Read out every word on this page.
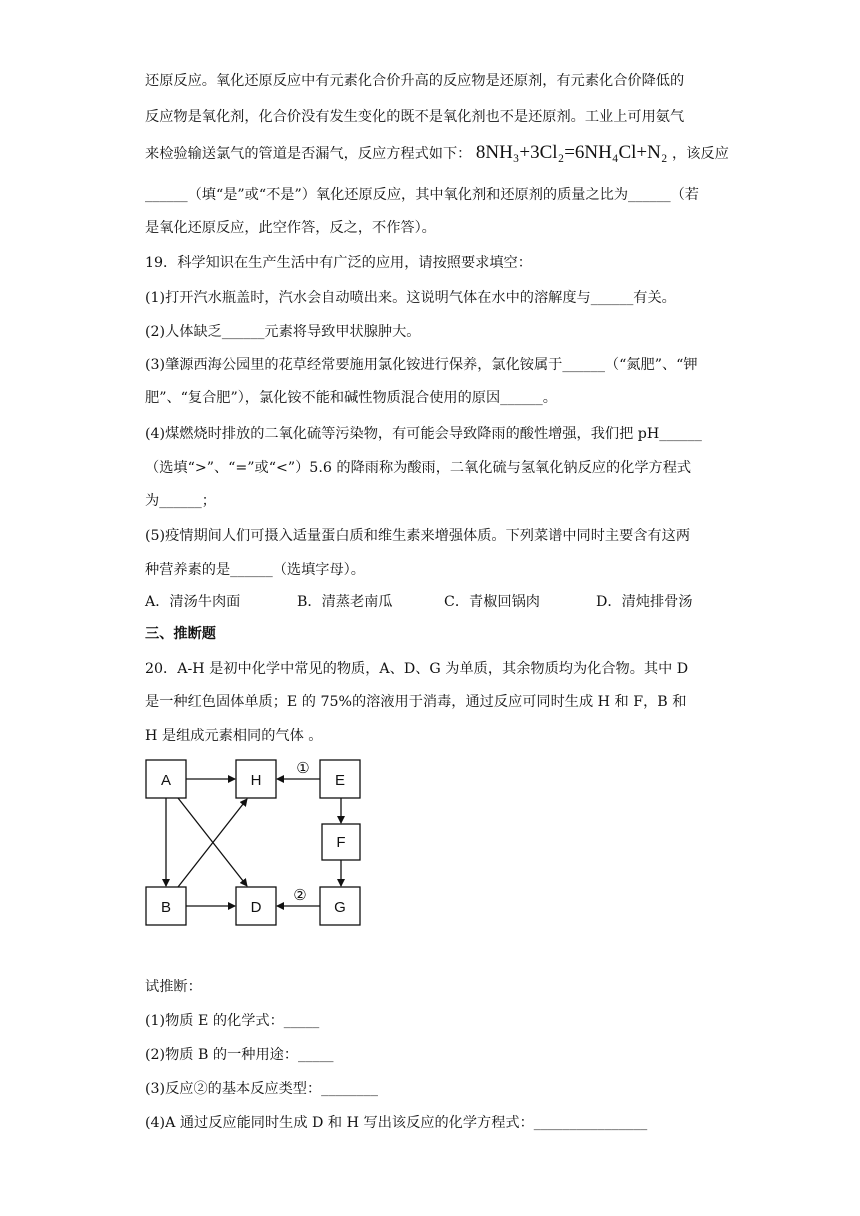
还原反应。氧化还原反应中有元素化合价升高的反应物是还原剂，有元素化合价降低的
反应物是氧化剂，化合价没有发生变化的既不是氧化剂也不是还原剂。工业上可用氨气
来检验输送氯气的管道是否漏气，反应方程式如下： 8NH₃+3Cl₂=6NH₄Cl+N₂ ，该反应
______（填“是”或“不是”）氧化还原反应，其中氧化剂和还原剂的质量之比为______（若
是氧化还原反应，此空作答，反之，不作答）。
19．科学知识在生产生活中有广泛的应用，请按照要求填空：
(1)打开汽水瓶盖时，汽水会自动喷出来。这说明气体在水中的溶解度与______有关。
(2)人体缺乏______元素将导致甲状腺肿大。
(3)肇源西海公园里的花草经常要施用氯化铵进行保养，氯化铵属于______（“氮肥”、“钾
肥”、“复合肥”），氯化铵不能和碱性物质混合使用的原因______。
(4)煤燃烧时排放的二氧化硫等污染物，有可能会导致降雨的酸性增强，我们把 pH______
（选填“>”、“=”或“<”）5.6 的降雨称为酸雨，二氧化硫与氢氧化钠反应的化学方程式
为______；
(5)疫情期间人们可摄入适量蛋白质和维生素来增强体质。下列菜谱中同时主要含有这两
种营养素的是______（选填字母）。
A．清汤牛肉面	B．清蒸老南瓜	C．青椒回锅肉	D．清炖排骨汤
三、推断题
20．A-H 是初中化学中常见的物质，A、D、G 为单质，其余物质均为化合物。其中 D
是一种红色固体单质；E 的 75%的溶液用于消毒，通过反应可同时生成 H 和 F，B 和
H 是组成元素相同的气体 。
A	H	E
F
B	D	G
①
②
试推断：
(1)物质 E 的化学式：_____
(2)物质 B 的一种用途：_____
(3)反应②的基本反应类型：________
(4)A 通过反应能同时生成 D 和 H 写出该反应的化学方程式：________________
